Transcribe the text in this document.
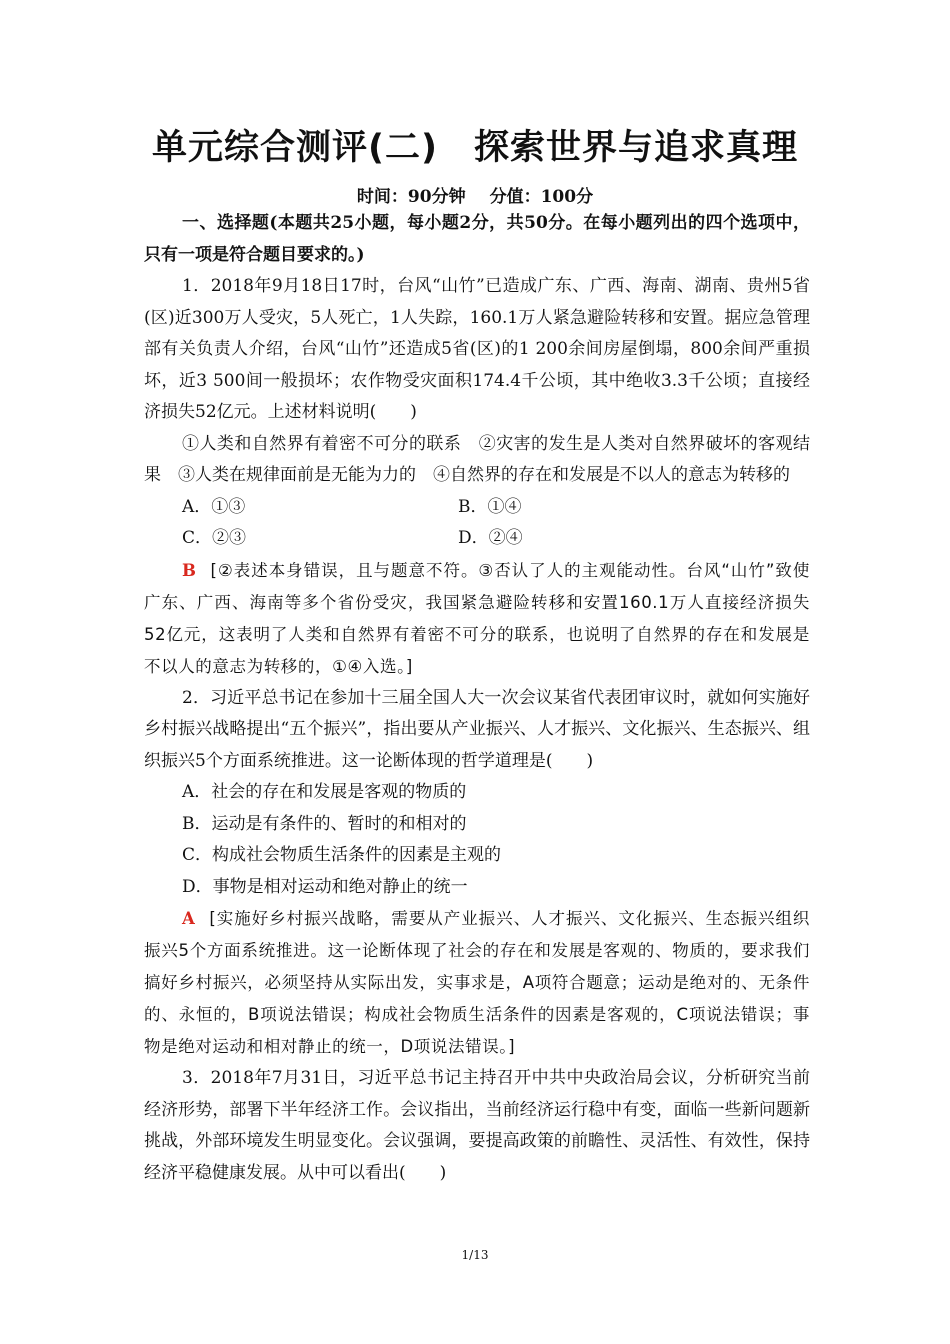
单元综合测评(二) 探索世界与追求真理
时间：90分钟 分值：100分

一、选择题(本题共25小题，每小题2分，共50分。在每小题列出的四个选项中，只有一项是符合题目要求的。)

1．2018年9月18日17时，台风“山竹”已造成广东、广西、海南、湖南、贵州5省(区)近300万人受灾，5人死亡，1人失踪，160.1万人紧急避险转移和安置。据应急管理部有关负责人介绍，台风“山竹”还造成5省(区)的1 200余间房屋倒塌，800余间严重损坏，近3 500间一般损坏；农作物受灾面积174.4千公顷，其中绝收3.3千公顷；直接经济损失52亿元。上述材料说明(　　)

①人类和自然界有着密不可分的联系　②灾害的发生是人类对自然界破坏的客观结果　③人类在规律面前是无能为力的　④自然界的存在和发展是不以人的意志为转移的

A．①③	B．①④
C．②③	D．②④

B [②表述本身错误，且与题意不符。③否认了人的主观能动性。台风“山竹”致使广东、广西、海南等多个省份受灾，我国紧急避险转移和安置160.1万人直接经济损失52亿元，这表明了人类和自然界有着密不可分的联系，也说明了自然界的存在和发展是不以人的意志为转移的，①④入选。]

2．习近平总书记在参加十三届全国人大一次会议某省代表团审议时，就如何实施好乡村振兴战略提出“五个振兴”，指出要从产业振兴、人才振兴、文化振兴、生态振兴、组织振兴5个方面系统推进。这一论断体现的哲学道理是(　　)

A．社会的存在和发展是客观的物质的

B．运动是有条件的、暂时的和相对的

C．构成社会物质生活条件的因素是主观的

D．事物是相对运动和绝对静止的统一

A [实施好乡村振兴战略，需要从产业振兴、人才振兴、文化振兴、生态振兴组织振兴5个方面系统推进。这一论断体现了社会的存在和发展是客观的、物质的，要求我们搞好乡村振兴，必须坚持从实际出发，实事求是，A项符合题意；运动是绝对的、无条件的、永恒的，B项说法错误；构成社会物质生活条件的因素是客观的，C项说法错误；事物是绝对运动和相对静止的统一，D项说法错误。]

3．2018年7月31日，习近平总书记主持召开中共中央政治局会议，分析研究当前经济形势，部署下半年经济工作。会议指出，当前经济运行稳中有变，面临一些新问题新挑战，外部环境发生明显变化。会议强调，要提高政策的前瞻性、灵活性、有效性，保持经济平稳健康发展。从中可以看出(　　)

1/13
